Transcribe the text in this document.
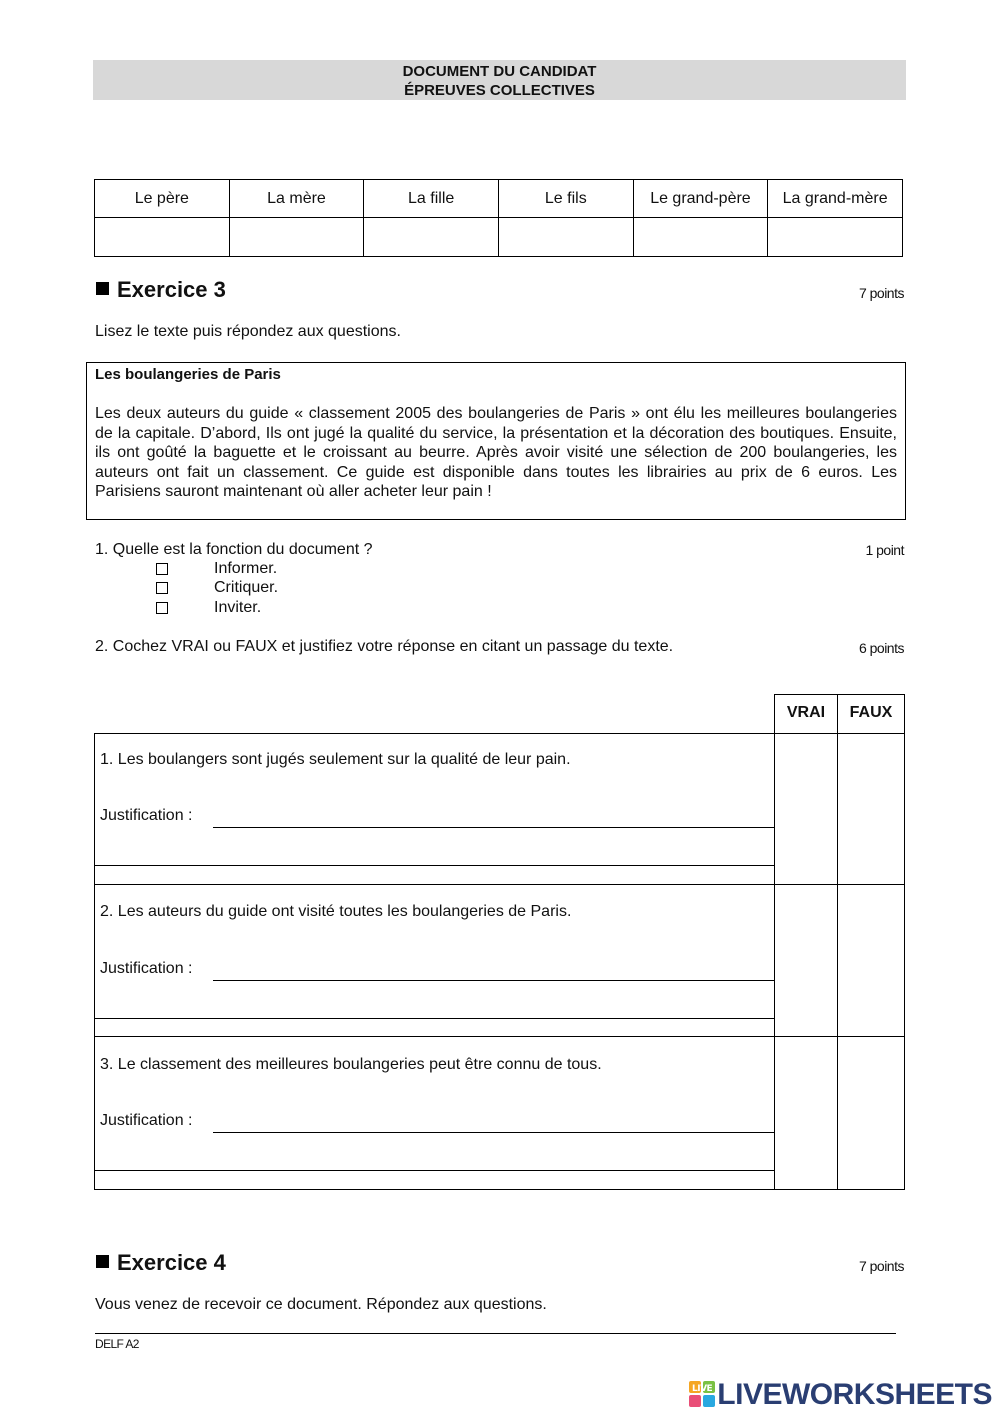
DOCUMENT DU CANDIDAT
ÉPREUVES COLLECTIVES
Le père	La mère	La fille	Le fils	Le grand-père	La grand-mère

Exercice 3	7 points
Lisez le texte puis répondez aux questions.
Les boulangeries de Paris
Les deux auteurs du guide « classement 2005 des boulangeries de Paris » ont élu les meilleures boulangeries de la capitale. D’abord, Ils ont jugé la qualité du service, la présentation et la décoration des boutiques. Ensuite, ils ont goûté la baguette et le croissant au beurre. Après avoir visité une sélection de 200 boulangeries, les auteurs ont fait un classement. Ce guide est disponible dans toutes les librairies au prix de 6 euros. Les Parisiens sauront maintenant où aller acheter leur pain !
1. Quelle est la fonction du document ?	1 point
Informer.
Critiquer.
Inviter.
2. Cochez VRAI ou FAUX et justifiez votre réponse en citant un passage du texte.	6 points
VRAI	FAUX
1. Les boulangers sont jugés seulement sur la qualité de leur pain.
Justification :
2. Les auteurs du guide ont visité toutes les boulangeries de Paris.
Justification :
3. Le classement des meilleures boulangeries peut être connu de tous.
Justification :
Exercice 4	7 points
Vous venez de recevoir ce document. Répondez aux questions.
DELF A2
LIVE LIVEWORKSHEETS
